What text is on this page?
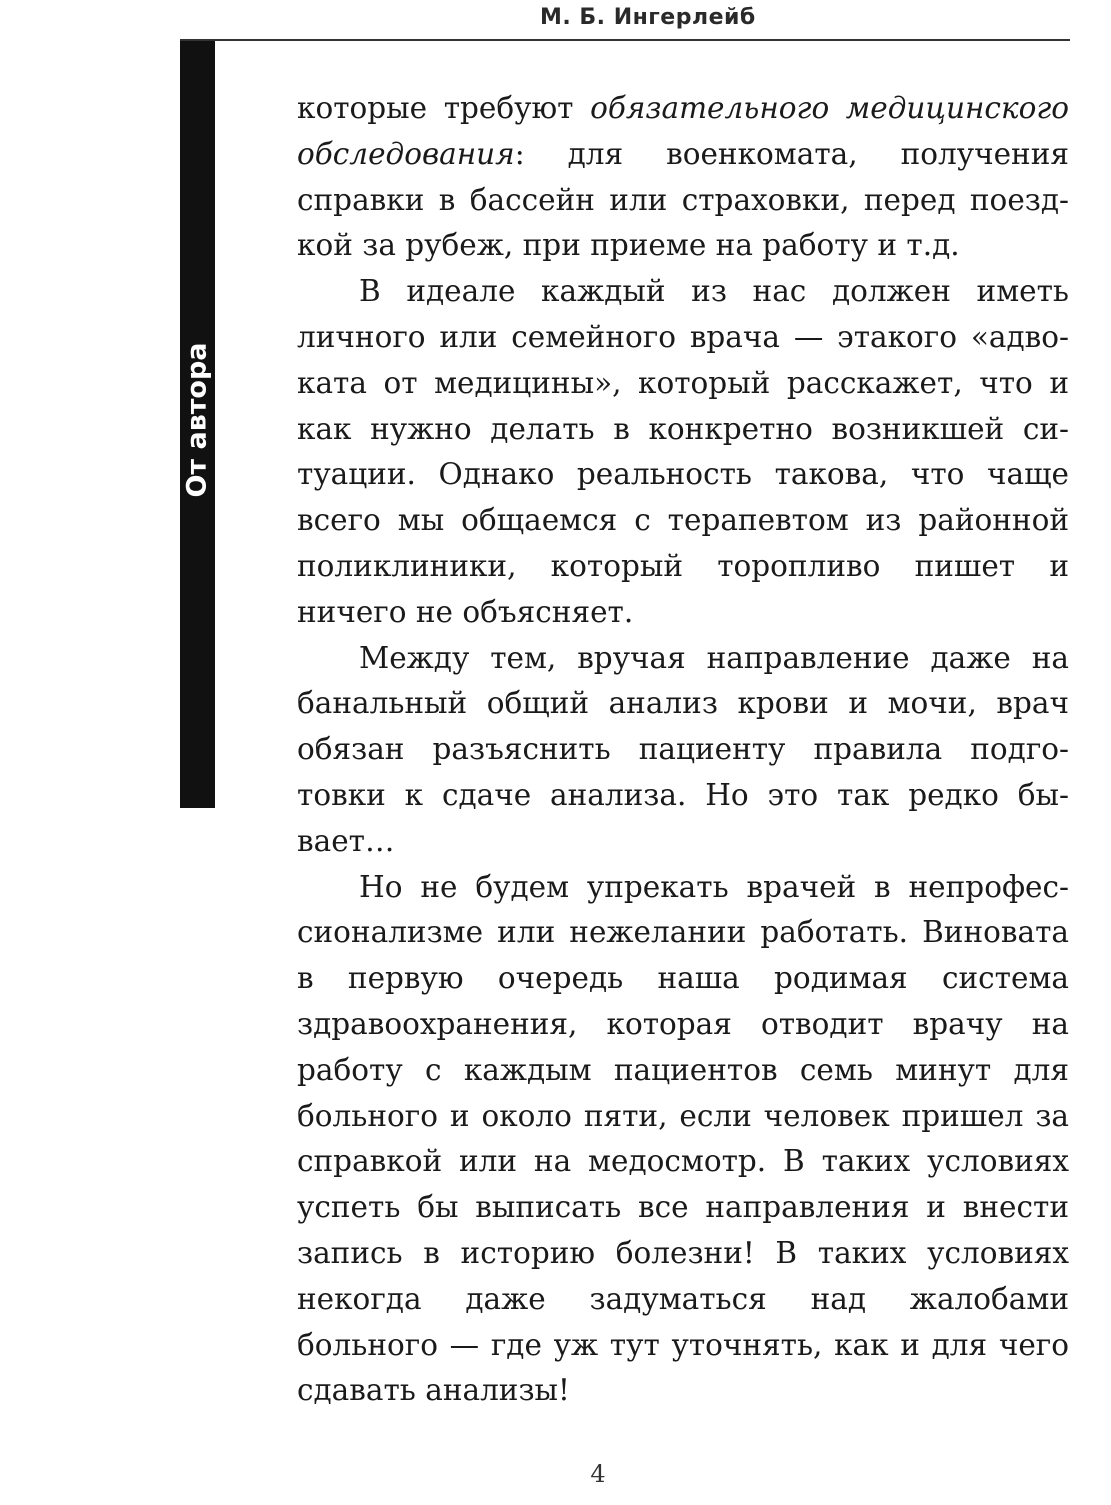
М. Б. Ингерлейб
От автора

которые требуют обязательного медицинского обследования: для военкомата, получения справки в бассейн или страховки, перед поездкой за рубеж, при приеме на работу и т.д.

В идеале каждый из нас должен иметь личного или семейного врача — этакого «адвоката от медицины», который расскажет, что и как нужно делать в конкретно возникшей ситуации. Однако реальность такова, что чаще всего мы общаемся с терапевтом из районной поликлиники, который торопливо пишет и ничего не объясняет.

Между тем, вручая направление даже на банальный общий анализ крови и мочи, врач обязан разъяснить пациенту правила подготовки к сдаче анализа. Но это так редко бывает…

Но не будем упрекать врачей в непрофессионализме или нежелании работать. Виновата в первую очередь наша родимая система здравоохранения, которая отводит врачу на работу с каждым пациентов семь минут для больного и около пяти, если человек пришел за справкой или на медосмотр. В таких условиях успеть бы выписать все направления и внести запись в историю болезни! В таких условиях некогда даже задуматься над жалобами больного — где уж тут уточнять, как и для чего сдавать анализы!

4
